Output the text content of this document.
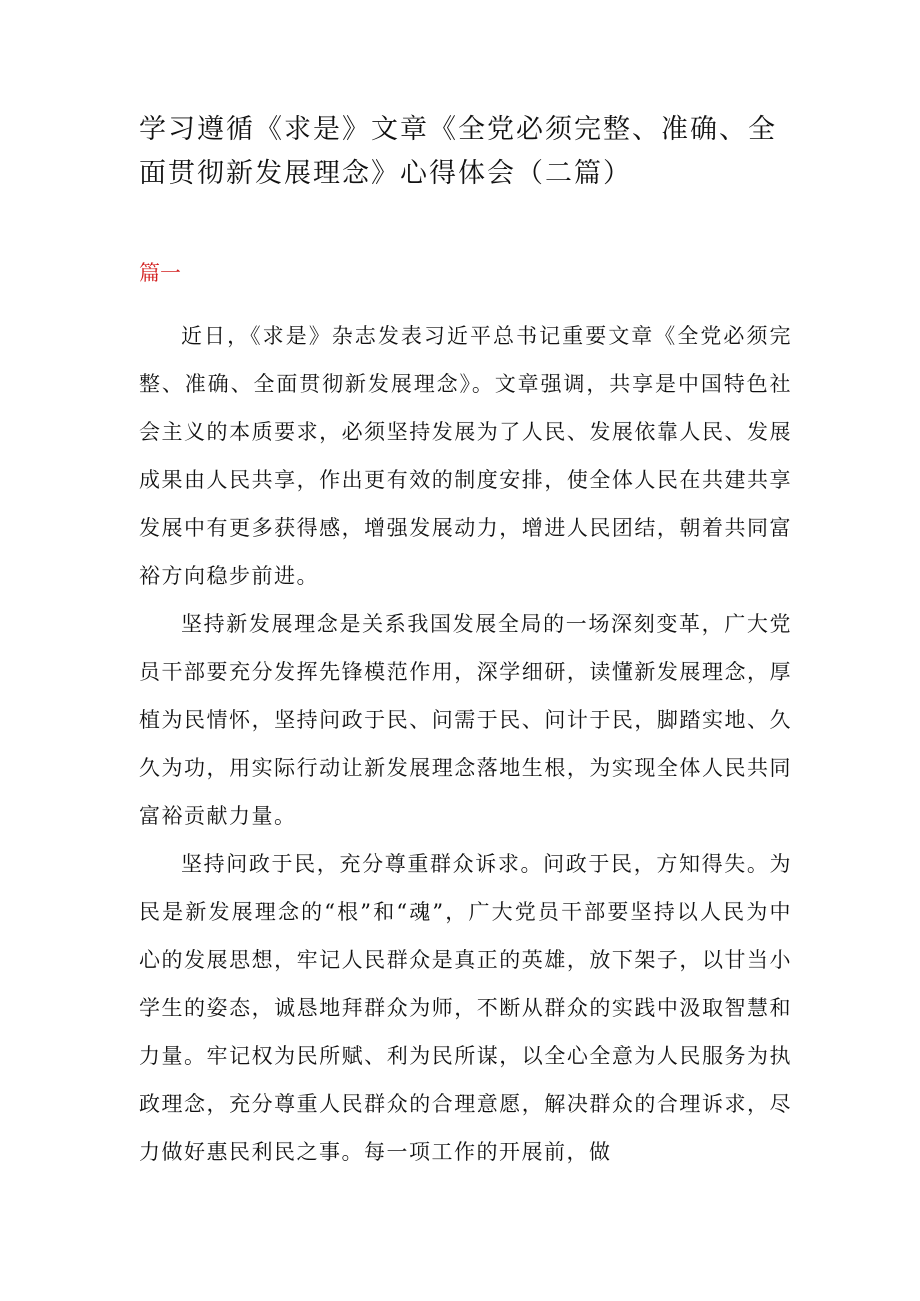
学习遵循《求是》文章《全党必须完整、准确、全面贯彻新发展理念》心得体会（二篇）
篇一

近日，《求是》杂志发表习近平总书记重要文章《全党必须完整、准确、全面贯彻新发展理念》。文章强调，共享是中国特色社会主义的本质要求，必须坚持发展为了人民、发展依靠人民、发展成果由人民共享，作出更有效的制度安排，使全体人民在共建共享发展中有更多获得感，增强发展动力，增进人民团结，朝着共同富裕方向稳步前进。

坚持新发展理念是关系我国发展全局的一场深刻变革，广大党员干部要充分发挥先锋模范作用，深学细研，读懂新发展理念，厚植为民情怀，坚持问政于民、问需于民、问计于民，脚踏实地、久久为功，用实际行动让新发展理念落地生根，为实现全体人民共同富裕贡献力量。

坚持问政于民，充分尊重群众诉求。问政于民，方知得失。为民是新发展理念的“根”和“魂”，广大党员干部要坚持以人民为中心的发展思想，牢记人民群众是真正的英雄，放下架子，以甘当小学生的姿态，诚恳地拜群众为师，不断从群众的实践中汲取智慧和力量。牢记权为民所赋、利为民所谋，以全心全意为人民服务为执政理念，充分尊重人民群众的合理意愿，解决群众的合理诉求，尽力做好惠民利民之事。每一项工作的开展前，做
